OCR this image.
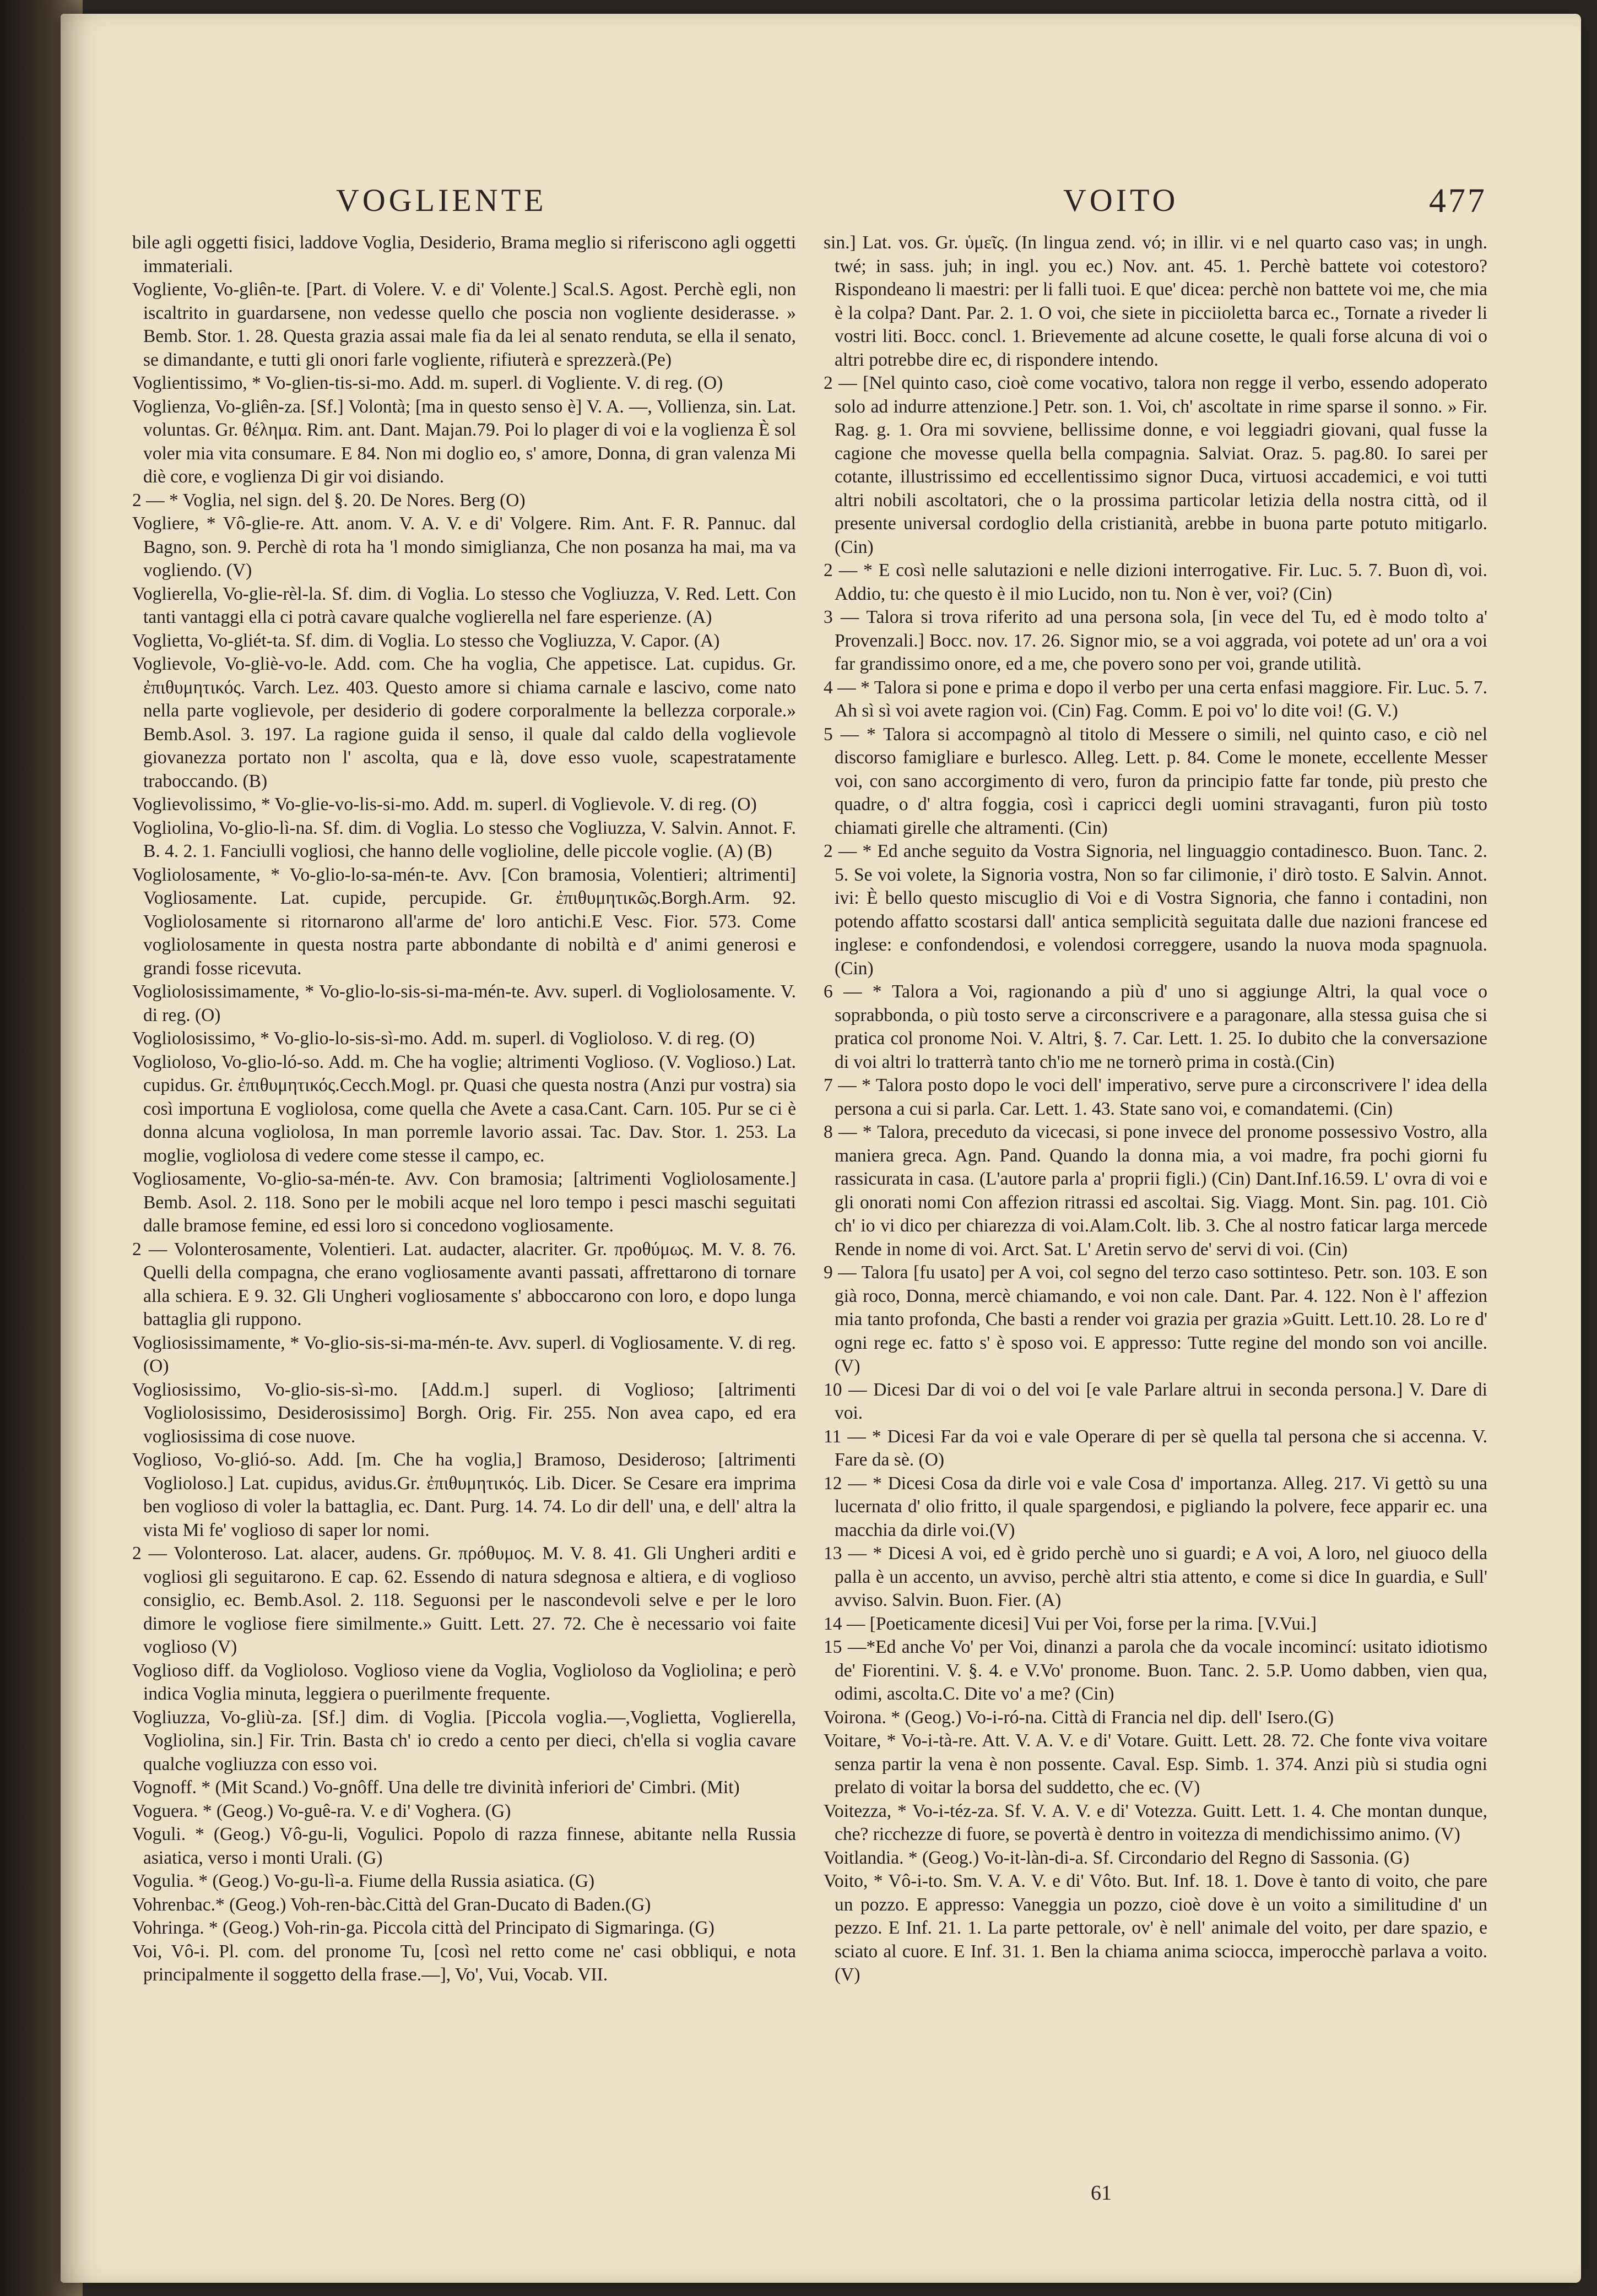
VOGLIENTE	VOITO	477

bile agli oggetti fisici, laddove Voglia, Desiderio, Brama meglio si riferiscono agli oggetti immateriali.

Vogliente, Vo-gliên-te. [Part. di Volere. V. e di' Volente.] Scal.S. Agost. Perchè egli, non iscaltrito in guardarsene, non vedesse quello che poscia non vogliente desiderasse. » Bemb. Stor. 1. 28. Questa grazia assai male fia da lei al senato renduta, se ella il senato, se dimandante, e tutti gli onori farle vogliente, rifiuterà e sprezzerà.(Pe)

Voglientissimo, * Vo-glien-tis-si-mo. Add. m. superl. di Vogliente. V. di reg. (O)

Voglienza, Vo-gliên-za. [Sf.] Volontà; [ma in questo senso è] V. A. —, Vollienza, sin. Lat. voluntas. Gr. θέλημα. Rim. ant. Dant. Majan.79. Poi lo plager di voi e la voglienza È sol voler mia vita consumare. E 84. Non mi doglio eo, s' amore, Donna, di gran valenza Mi diè core, e voglienza Di gir voi disiando.

2 — * Voglia, nel sign. del §. 20. De Nores. Berg (O)

Vogliere, * Vô-glie-re. Att. anom. V. A. V. e di' Volgere. Rim. Ant. F. R. Pannuc. dal Bagno, son. 9. Perchè di rota ha 'l mondo simiglianza, Che non posanza ha mai, ma va vogliendo. (V)

Voglierella, Vo-glie-rèl-la. Sf. dim. di Voglia. Lo stesso che Vogliuzza, V. Red. Lett. Con tanti vantaggi ella ci potrà cavare qualche voglierella nel fare esperienze. (A)

Voglietta, Vo-gliét-ta. Sf. dim. di Voglia. Lo stesso che Vogliuzza, V. Capor. (A)

Voglievole, Vo-gliè-vo-le. Add. com. Che ha voglia, Che appetisce. Lat. cupidus. Gr. ἐπιθυμητικός. Varch. Lez. 403. Questo amore si chiama carnale e lascivo, come nato nella parte voglievole, per desiderio di godere corporalmente la bellezza corporale.» Bemb.Asol. 3. 197. La ragione guida il senso, il quale dal caldo della voglievole giovanezza portato non l' ascolta, qua e là, dove esso vuole, scapestratamente traboccando. (B)

Voglievolissimo, * Vo-glie-vo-lis-si-mo. Add. m. superl. di Voglievole. V. di reg. (O)

Vogliolina, Vo-glio-lì-na. Sf. dim. di Voglia. Lo stesso che Vogliuzza, V. Salvin. Annot. F. B. 4. 2. 1. Fanciulli vogliosi, che hanno delle voglioline, delle piccole voglie. (A) (B)

Vogliolosamente, * Vo-glio-lo-sa-mén-te. Avv. [Con bramosia, Volentieri; altrimenti] Vogliosamente. Lat. cupide, percupide. Gr. ἐπιθυμητικῶς.Borgh.Arm. 92. Vogliolosamente si ritornarono all'arme de' loro antichi.E Vesc. Fior. 573. Come vogliolosamente in questa nostra parte abbondante di nobiltà e d' animi generosi e grandi fosse ricevuta.

Vogliolosissimamente, * Vo-glio-lo-sis-si-ma-mén-te. Avv. superl. di Vogliolosamente. V. di reg. (O)

Vogliolosissimo, * Vo-glio-lo-sis-sì-mo. Add. m. superl. di Voglioloso. V. di reg. (O)

Voglioloso, Vo-glio-ló-so. Add. m. Che ha voglie; altrimenti Voglioso. (V. Voglioso.) Lat. cupidus. Gr. ἐπιθυμητικός.Cecch.Mogl. pr. Quasi che questa nostra (Anzi pur vostra) sia così importuna E vogliolosa, come quella che Avete a casa.Cant. Carn. 105. Pur se ci è donna alcuna vogliolosa, In man porremle lavorio assai. Tac. Dav. Stor. 1. 253. La moglie, vogliolosa di vedere come stesse il campo, ec.

Vogliosamente, Vo-glio-sa-mén-te. Avv. Con bramosia; [altrimenti Vogliolosamente.] Bemb. Asol. 2. 118. Sono per le mobili acque nel loro tempo i pesci maschi seguitati dalle bramose femine, ed essi loro si concedono vogliosamente.

2 — Volonterosamente, Volentieri. Lat. audacter, alacriter. Gr. προθύμως. M. V. 8. 76. Quelli della compagna, che erano vogliosamente avanti passati, affrettarono di tornare alla schiera. E 9. 32. Gli Ungheri vogliosamente s' abboccarono con loro, e dopo lunga battaglia gli ruppono.

Vogliosissimamente, * Vo-glio-sis-si-ma-mén-te. Avv. superl. di Vogliosamente. V. di reg. (O)

Vogliosissimo, Vo-glio-sis-sì-mo. [Add.m.] superl. di Voglioso; [altrimenti Vogliolosissimo, Desiderosissimo] Borgh. Orig. Fir. 255. Non avea capo, ed era vogliosissima di cose nuove.

Voglioso, Vo-glió-so. Add. [m. Che ha voglia,] Bramoso, Desideroso; [altrimenti Voglioloso.] Lat. cupidus, avidus.Gr. ἐπιθυμητικός. Lib. Dicer. Se Cesare era imprima ben voglioso di voler la battaglia, ec. Dant. Purg. 14. 74. Lo dir dell' una, e dell' altra la vista Mi fe' voglioso di saper lor nomi.

2 — Volonteroso. Lat. alacer, audens. Gr. πρόθυμος. M. V. 8. 41. Gli Ungheri arditi e vogliosi gli seguitarono. E cap. 62. Essendo di natura sdegnosa e altiera, e di voglioso consiglio, ec. Bemb.Asol. 2. 118. Seguonsi per le nascondevoli selve e per le loro dimore le vogliose fiere similmente.» Guitt. Lett. 27. 72. Che è necessario voi faite voglioso (V)

Voglioso diff. da Voglioloso. Voglioso viene da Voglia, Voglioloso da Vogliolina; e però indica Voglia minuta, leggiera o puerilmente frequente.

Vogliuzza, Vo-gliù-za. [Sf.] dim. di Voglia. [Piccola voglia.—,Voglietta, Voglierella, Vogliolina, sin.] Fir. Trin. Basta ch' io credo a cento per dieci, ch'ella si voglia cavare qualche vogliuzza con esso voi.

Vognoff. * (Mit Scand.) Vo-gnôff. Una delle tre divinità inferiori de' Cimbri. (Mit)

Voguera. * (Geog.) Vo-guê-ra. V. e di' Voghera. (G)

Voguli. * (Geog.) Vô-gu-li, Vogulici. Popolo di razza finnese, abitante nella Russia asiatica, verso i monti Urali. (G)

Vogulia. * (Geog.) Vo-gu-lì-a. Fiume della Russia asiatica. (G)

Vohrenbac.* (Geog.) Voh-ren-bàc.Città del Gran-Ducato di Baden.(G)

Vohringa. * (Geog.) Voh-rin-ga. Piccola città del Principato di Sigmaringa. (G)

Voi, Vô-i. Pl. com. del pronome Tu, [così nel retto come ne' casi obbliqui, e nota principalmente il soggetto della frase.—], Vo', Vui, Vocab. VII.

sin.] Lat. vos. Gr. ὑμεῖς. (In lingua zend. vó; in illir. vi e nel quarto caso vas; in ungh. twé; in sass. juh; in ingl. you ec.) Nov. ant. 45. 1. Perchè battete voi cotestoro? Rispondeano li maestri: per li falli tuoi. E que' dicea: perchè non battete voi me, che mia è la colpa? Dant. Par. 2. 1. O voi, che siete in picciioletta barca ec., Tornate a riveder li vostri liti. Bocc. concl. 1. Brievemente ad alcune cosette, le quali forse alcuna di voi o altri potrebbe dire ec, di rispondere intendo.

2 — [Nel quinto caso, cioè come vocativo, talora non regge il verbo, essendo adoperato solo ad indurre attenzione.] Petr. son. 1. Voi, ch' ascoltate in rime sparse il sonno. » Fir. Rag. g. 1. Ora mi sovviene, bellissime donne, e voi leggiadri giovani, qual fusse la cagione che movesse quella bella compagnia. Salviat. Oraz. 5. pag.80. Io sarei per cotante, illustrissimo ed eccellentissimo signor Duca, virtuosi accademici, e voi tutti altri nobili ascoltatori, che o la prossima particolar letizia della nostra città, od il presente universal cordoglio della cristianità, arebbe in buona parte potuto mitigarlo. (Cin)

2 — * E così nelle salutazioni e nelle dizioni interrogative. Fir. Luc. 5. 7. Buon dì, voi. Addio, tu: che questo è il mio Lucido, non tu. Non è ver, voi? (Cin)

3 — Talora si trova riferito ad una persona sola, [in vece del Tu, ed è modo tolto a' Provenzali.] Bocc. nov. 17. 26. Signor mio, se a voi aggrada, voi potete ad un' ora a voi far grandissimo onore, ed a me, che povero sono per voi, grande utilità.

4 — * Talora si pone e prima e dopo il verbo per una certa enfasi maggiore. Fir. Luc. 5. 7. Ah sì sì voi avete ragion voi. (Cin) Fag. Comm. E poi vo' lo dite voi! (G. V.)

5 — * Talora si accompagnò al titolo di Messere o simili, nel quinto caso, e ciò nel discorso famigliare e burlesco. Alleg. Lett. p. 84. Come le monete, eccellente Messer voi, con sano accorgimento di vero, furon da principio fatte far tonde, più presto che quadre, o d' altra foggia, così i capricci degli uomini stravaganti, furon più tosto chiamati girelle che altramenti. (Cin)

2 — * Ed anche seguito da Vostra Signoria, nel linguaggio contadinesco. Buon. Tanc. 2. 5. Se voi volete, la Signoria vostra, Non so far cilimonie, i' dirò tosto. E Salvin. Annot. ivi: È bello questo miscuglio di Voi e di Vostra Signoria, che fanno i contadini, non potendo affatto scostarsi dall' antica semplicità seguitata dalle due nazioni francese ed inglese: e confondendosi, e volendosi correggere, usando la nuova moda spagnuola. (Cin)

6 — * Talora a Voi, ragionando a più d' uno si aggiunge Altri, la qual voce o soprabbonda, o più tosto serve a circonscrivere e a paragonare, alla stessa guisa che si pratica col pronome Noi. V. Altri, §. 7. Car. Lett. 1. 25. Io dubito che la conversazione di voi altri lo tratterrà tanto ch'io me ne tornerò prima in costà.(Cin)

7 — * Talora posto dopo le voci dell' imperativo, serve pure a circonscrivere l' idea della persona a cui si parla. Car. Lett. 1. 43. State sano voi, e comandatemi. (Cin)

8 — * Talora, preceduto da vicecasi, si pone invece del pronome possessivo Vostro, alla maniera greca. Agn. Pand. Quando la donna mia, a voi madre, fra pochi giorni fu rassicurata in casa. (L'autore parla a' proprii figli.) (Cin) Dant.Inf.16.59. L' ovra di voi e gli onorati nomi Con affezion ritrassi ed ascoltai. Sig. Viagg. Mont. Sin. pag. 101. Ciò ch' io vi dico per chiarezza di voi.Alam.Colt. lib. 3. Che al nostro faticar larga mercede Rende in nome di voi. Arct. Sat. L' Aretin servo de' servi di voi. (Cin)

9 — Talora [fu usato] per A voi, col segno del terzo caso sottinteso. Petr. son. 103. E son già roco, Donna, mercè chiamando, e voi non cale. Dant. Par. 4. 122. Non è l' affezion mia tanto profonda, Che basti a render voi grazia per grazia »Guitt. Lett.10. 28. Lo re d' ogni rege ec. fatto s' è sposo voi. E appresso: Tutte regine del mondo son voi ancille. (V)

10 — Dicesi Dar di voi o del voi [e vale Parlare altrui in seconda persona.] V. Dare di voi.

11 — * Dicesi Far da voi e vale Operare di per sè quella tal persona che si accenna. V. Fare da sè. (O)

12 — * Dicesi Cosa da dirle voi e vale Cosa d' importanza. Alleg. 217. Vi gettò su una lucernata d' olio fritto, il quale spargendosi, e pigliando la polvere, fece apparir ec. una macchia da dirle voi.(V)

13 — * Dicesi A voi, ed è grido perchè uno si guardi; e A voi, A loro, nel giuoco della palla è un accento, un avviso, perchè altri stia attento, e come si dice In guardia, e Sull' avviso. Salvin. Buon. Fier. (A)

14 — [Poeticamente dicesi] Vui per Voi, forse per la rima. [V.Vui.]

15 —*Ed anche Vo' per Voi, dinanzi a parola che da vocale incomincí: usitato idiotismo de' Fiorentini. V. §. 4. e V.Vo' pronome. Buon. Tanc. 2. 5.P. Uomo dabben, vien qua, odimi, ascolta.C. Dite vo' a me? (Cin)

Voirona. * (Geog.) Vo-i-ró-na. Città di Francia nel dip. dell' Isero.(G)

Voitare, * Vo-i-tà-re. Att. V. A. V. e di' Votare. Guitt. Lett. 28. 72. Che fonte viva voitare senza partir la vena è non possente. Caval. Esp. Simb. 1. 374. Anzi più si studia ogni prelato di voitar la borsa del suddetto, che ec. (V)

Voitezza, * Vo-i-téz-za. Sf. V. A. V. e di' Votezza. Guitt. Lett. 1. 4. Che montan dunque, che? ricchezze di fuore, se povertà è dentro in voitezza di mendichissimo animo. (V)

Voitlandia. * (Geog.) Vo-it-làn-di-a. Sf. Circondario del Regno di Sassonia. (G)

Voito, * Vô-i-to. Sm. V. A. V. e di' Vôto. But. Inf. 18. 1. Dove è tanto di voito, che pare un pozzo. E appresso: Vaneggia un pozzo, cioè dove è un voito a similitudine d' un pezzo. E Inf. 21. 1. La parte pettorale, ov' è nell' animale del voito, per dare spazio, e sciato al cuore. E Inf. 31. 1. Ben la chiama anima sciocca, imperocchè parlava a voito. (V)

61
